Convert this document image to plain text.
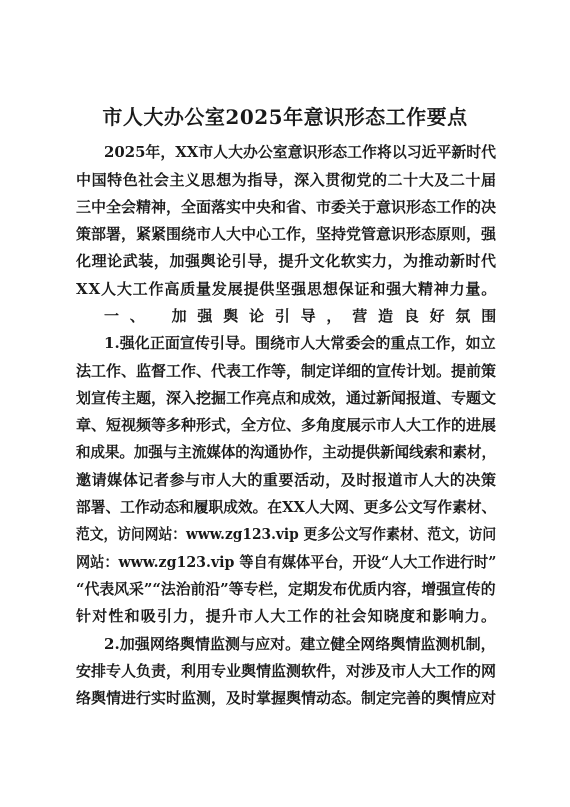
市人大办公室2025年意识形态工作要点
2025年，XX市人大办公室意识形态工作将以习近平新时代
中国特色社会主义思想为指导，深入贯彻党的二十大及二十届
三中全会精神，全面落实中央和省、市委关于意识形态工作的决
策部署，紧紧围绕市人大中心工作，坚持党管意识形态原则，强
化理论武装，加强舆论引导，提升文化软实力，为推动新时代
XX人大工作高质量发展提供坚强思想保证和强大精神力量。
一、 加强舆论引导，营造良好氛围
1.强化正面宣传引导。围绕市人大常委会的重点工作，如立
法工作、监督工作、代表工作等，制定详细的宣传计划。提前策
划宣传主题，深入挖掘工作亮点和成效，通过新闻报道、专题文
章、短视频等多种形式，全方位、多角度展示市人大工作的进展
和成果。加强与主流媒体的沟通协作，主动提供新闻线索和素材，
邀请媒体记者参与市人大的重要活动，及时报道市人大的决策
部署、工作动态和履职成效。在XX人大网、更多公文写作素材、
范文，访问网站：www.zg123.vip 更多公文写作素材、范文，访问
网站：www.zg123.vip 等自有媒体平台，开设“人大工作进行时”
“代表风采”“法治前沿”等专栏，定期发布优质内容，增强宣传的
针对性和吸引力，提升市人大工作的社会知晓度和影响力。
2.加强网络舆情监测与应对。建立健全网络舆情监测机制，
安排专人负责，利用专业舆情监测软件，对涉及市人大工作的网
络舆情进行实时监测，及时掌握舆情动态。制定完善的舆情应对
